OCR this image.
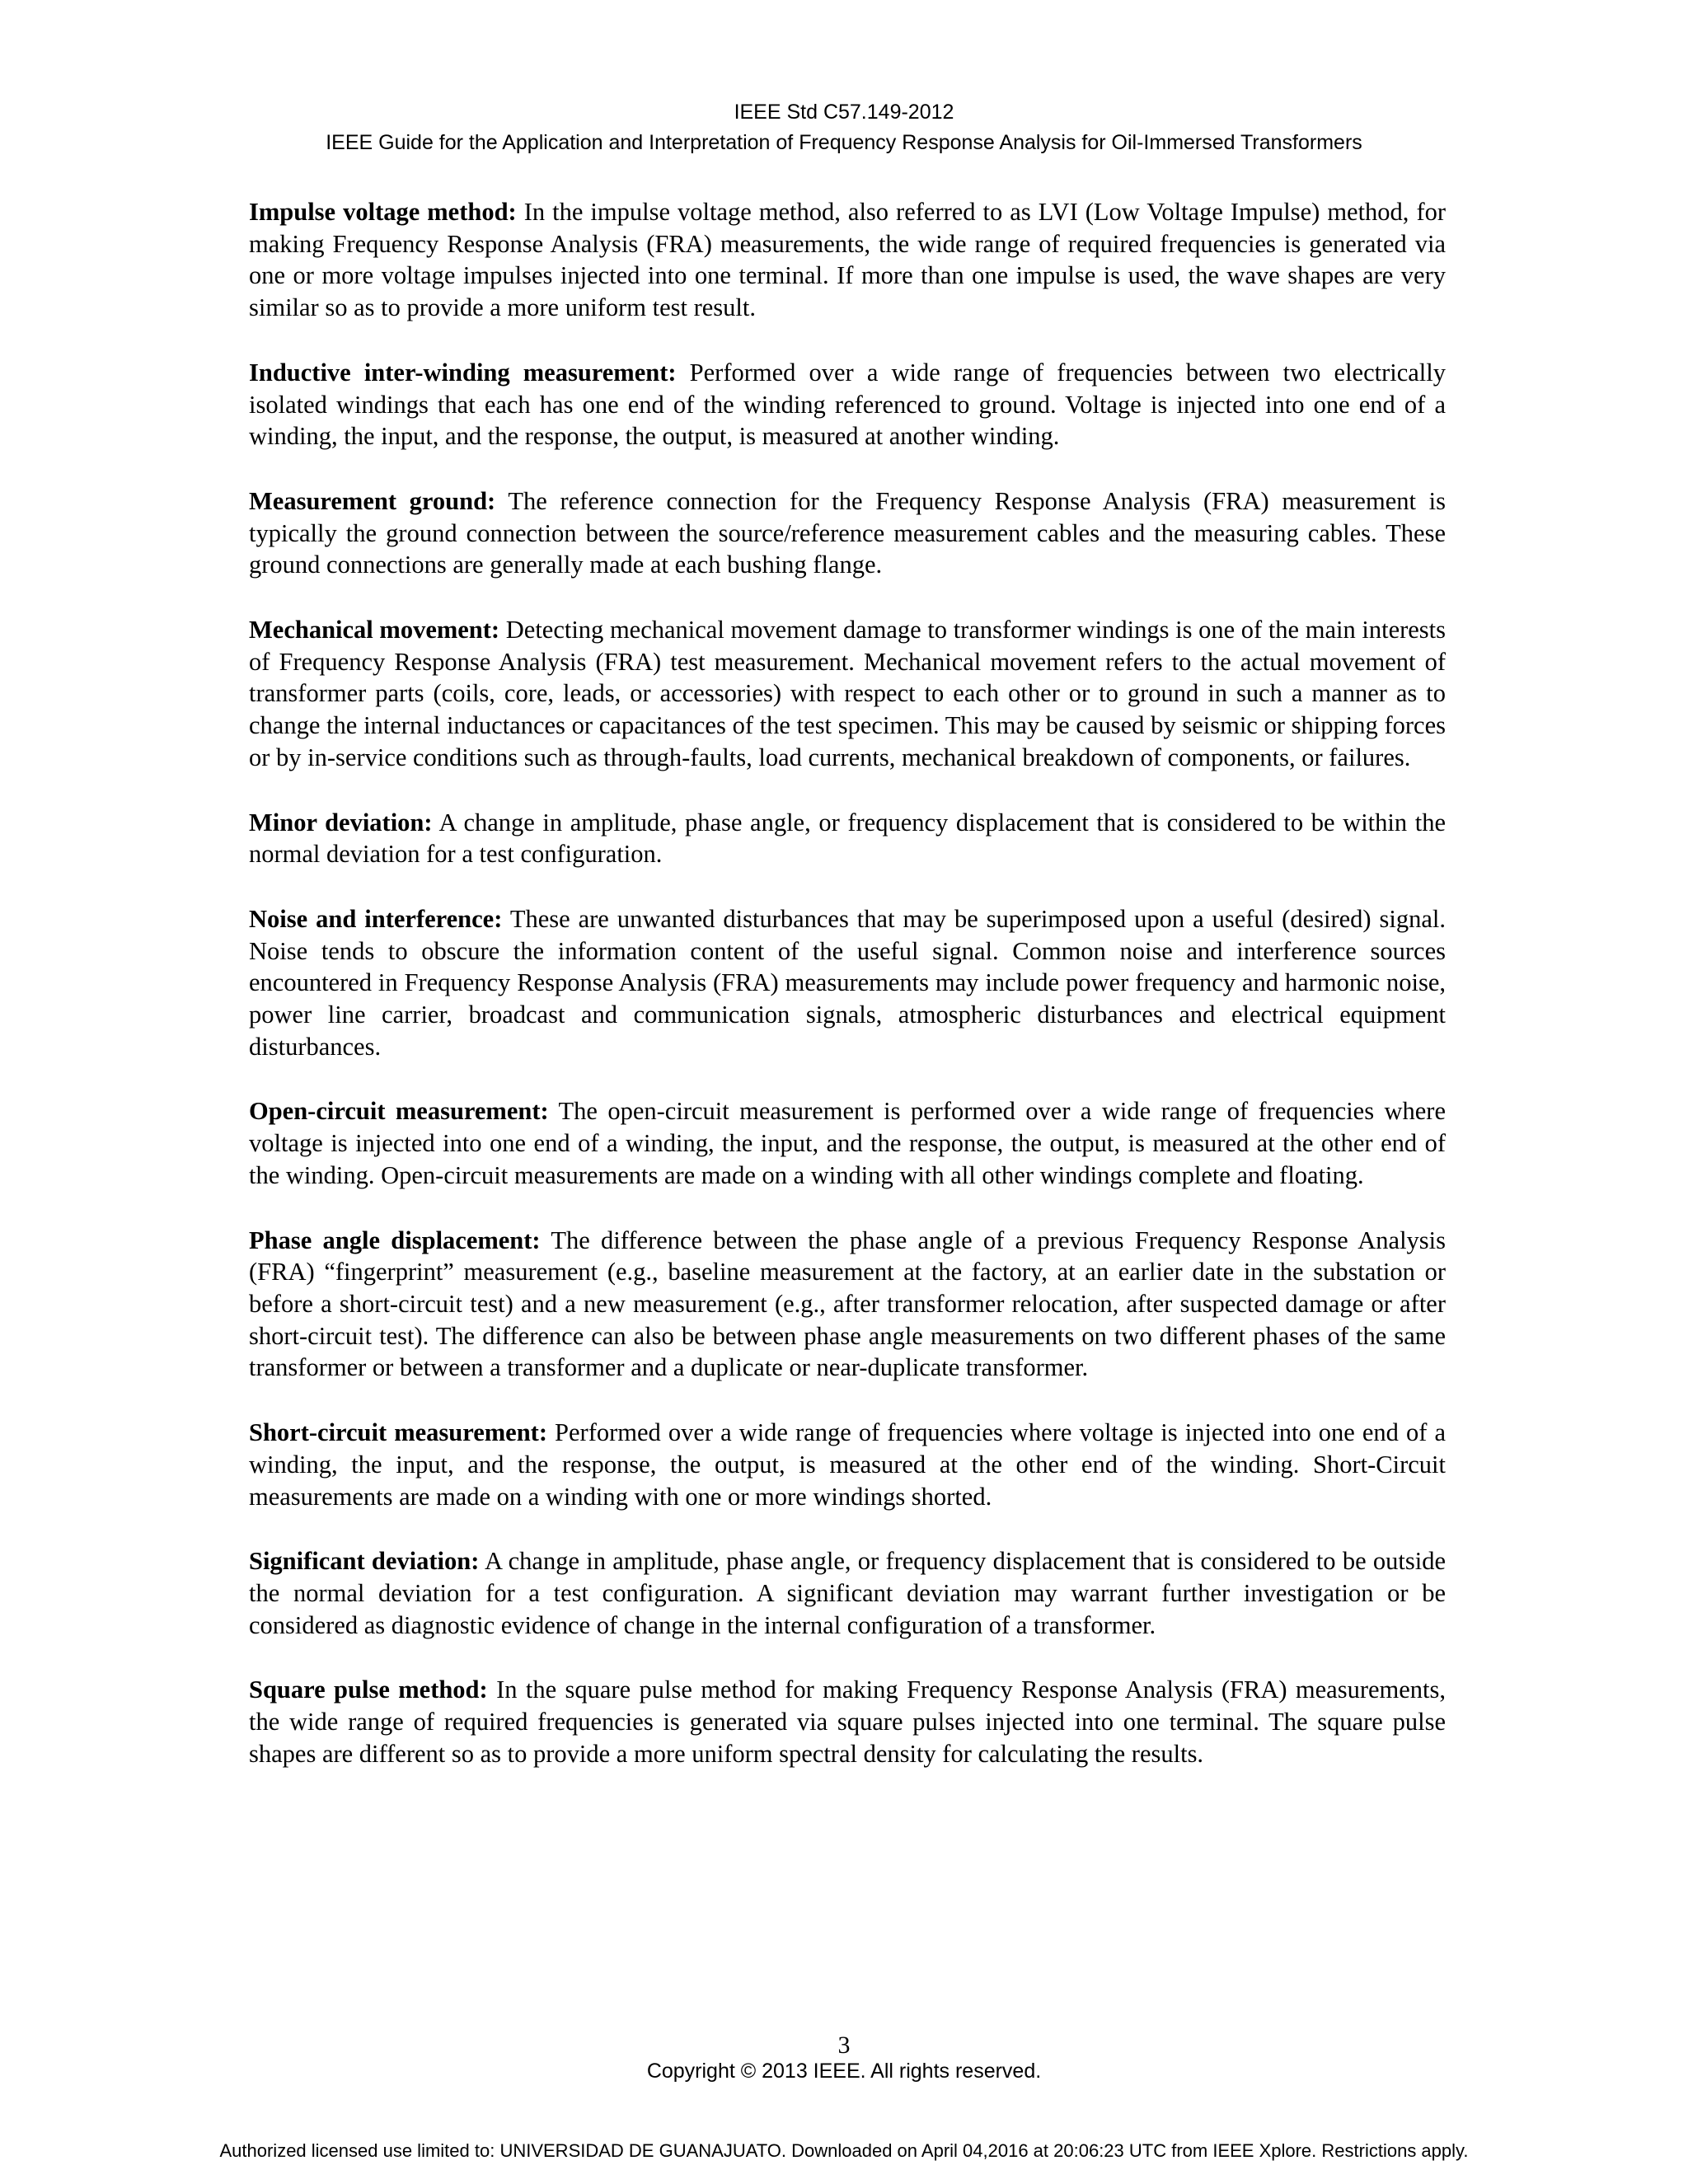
IEEE Std C57.149-2012
IEEE Guide for the Application and Interpretation of Frequency Response Analysis for Oil-Immersed Transformers

Impulse voltage method: In the impulse voltage method, also referred to as LVI (Low Voltage Impulse) method, for making Frequency Response Analysis (FRA) measurements, the wide range of required frequencies is generated via one or more voltage impulses injected into one terminal. If more than one impulse is used, the wave shapes are very similar so as to provide a more uniform test result.

Inductive inter-winding measurement: Performed over a wide range of frequencies between two electrically isolated windings that each has one end of the winding referenced to ground. Voltage is injected into one end of a winding, the input, and the response, the output, is measured at another winding.

Measurement ground: The reference connection for the Frequency Response Analysis (FRA) measurement is typically the ground connection between the source/reference measurement cables and the measuring cables. These ground connections are generally made at each bushing flange.

Mechanical movement: Detecting mechanical movement damage to transformer windings is one of the main interests of Frequency Response Analysis (FRA) test measurement. Mechanical movement refers to the actual movement of transformer parts (coils, core, leads, or accessories) with respect to each other or to ground in such a manner as to change the internal inductances or capacitances of the test specimen. This may be caused by seismic or shipping forces or by in-service conditions such as through-faults, load currents, mechanical breakdown of components, or failures.

Minor deviation: A change in amplitude, phase angle, or frequency displacement that is considered to be within the normal deviation for a test configuration.

Noise and interference: These are unwanted disturbances that may be superimposed upon a useful (desired) signal. Noise tends to obscure the information content of the useful signal. Common noise and interference sources encountered in Frequency Response Analysis (FRA) measurements may include power frequency and harmonic noise, power line carrier, broadcast and communication signals, atmospheric disturbances and electrical equipment disturbances.

Open-circuit measurement: The open-circuit measurement is performed over a wide range of frequencies where voltage is injected into one end of a winding, the input, and the response, the output, is measured at the other end of the winding. Open-circuit measurements are made on a winding with all other windings complete and floating.

Phase angle displacement: The difference between the phase angle of a previous Frequency Response Analysis (FRA) “fingerprint” measurement (e.g., baseline measurement at the factory, at an earlier date in the substation or before a short-circuit test) and a new measurement (e.g., after transformer relocation, after suspected damage or after short-circuit test). The difference can also be between phase angle measurements on two different phases of the same transformer or between a transformer and a duplicate or near-duplicate transformer.

Short-circuit measurement: Performed over a wide range of frequencies where voltage is injected into one end of a winding, the input, and the response, the output, is measured at the other end of the winding. Short-Circuit measurements are made on a winding with one or more windings shorted.

Significant deviation: A change in amplitude, phase angle, or frequency displacement that is considered to be outside the normal deviation for a test configuration. A significant deviation may warrant further investigation or be considered as diagnostic evidence of change in the internal configuration of a transformer.

Square pulse method: In the square pulse method for making Frequency Response Analysis (FRA) measurements, the wide range of required frequencies is generated via square pulses injected into one terminal. The square pulse shapes are different so as to provide a more uniform spectral density for calculating the results.

3
Copyright © 2013 IEEE. All rights reserved.
Authorized licensed use limited to: UNIVERSIDAD DE GUANAJUATO. Downloaded on April 04,2016 at 20:06:23 UTC from IEEE Xplore. Restrictions apply.
